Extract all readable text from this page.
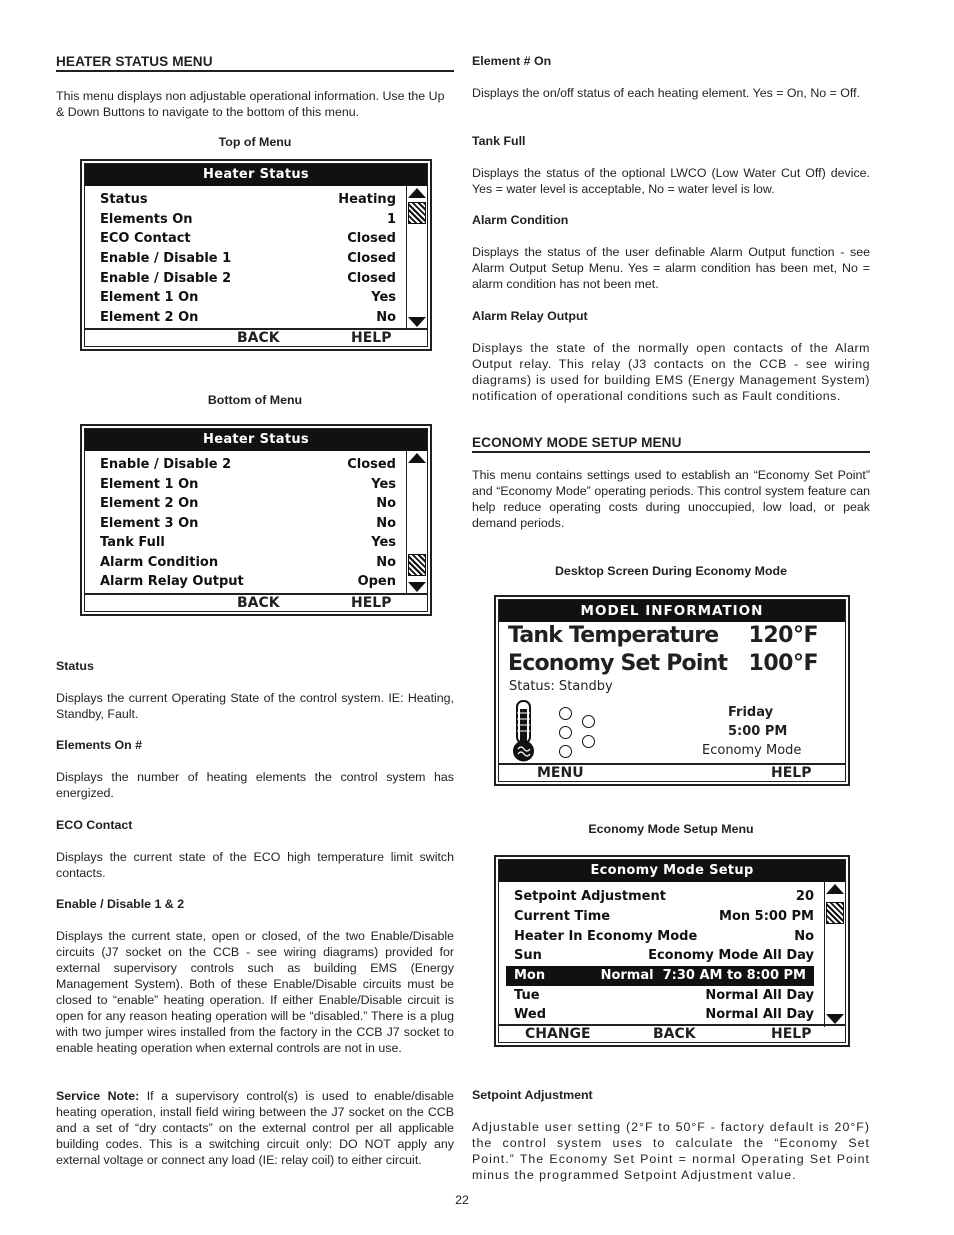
HEATER STATUS MENU
This menu displays non adjustable operational information. Use the Up & Down Buttons to navigate to the bottom of this menu.
Top of Menu
Heater Status
Status	Heating
Elements On	1
ECO Contact	Closed
Enable / Disable 1	Closed
Enable / Disable 2	Closed
Element 1 On	Yes
Element 2 On	No
BACK	HELP
Bottom of Menu
Heater Status
Enable / Disable 2	Closed
Element 1 On	Yes
Element 2 On	No
Element 3 On	No
Tank Full	Yes
Alarm Condition	No
Alarm Relay Output	Open
BACK	HELP
Status
Displays the current Operating State of the control system. IE: Heating, Standby, Fault.
Elements On #
Displays the number of heating elements the control system has energized.
ECO Contact
Displays the current state of the ECO high temperature limit switch contacts.
Enable / Disable 1 & 2
Displays the current state, open or closed, of the two Enable/Disable circuits (J7 socket on the CCB - see wiring diagrams) provided for external supervisory controls such as building EMS (Energy Management System). Both of these Enable/Disable circuits must be closed to “enable” heating operation. If either Enable/Disable circuit is open for any reason heating operation will be “disabled.” There is a plug with two jumper wires installed from the factory in the CCB J7 socket to enable heating operation when external controls are not in use.
Service Note: If a supervisory control(s) is used to enable/disable heating operation, install field wiring between the J7 socket on the CCB and a set of “dry contacts” on the external control per all applicable building codes. This is a switching circuit only: DO NOT apply any external voltage or connect any load (IE: relay coil) to either circuit.
Element # On
Displays the on/off status of each heating element. Yes = On, No = Off.
Tank Full
Displays the status of the optional LWCO (Low Water Cut Off) device. Yes = water level is acceptable, No = water level is low.
Alarm Condition
Displays the status of the user definable Alarm Output function - see Alarm Output Setup Menu. Yes = alarm condition has been met, No = alarm condition has not been met.
Alarm Relay Output
Displays the state of the normally open contacts of the Alarm Output relay. This relay (J3 contacts on the CCB - see wiring diagrams) is used for building EMS (Energy Management System) notification of operational conditions such as Fault conditions.
ECONOMY MODE SETUP MENU
This menu contains settings used to establish an “Economy Set Point” and “Economy Mode” operating periods. This control system feature can help reduce operating costs during unoccupied, low load, or peak demand periods.
Desktop Screen During Economy Mode
MODEL INFORMATION
Tank Temperature 120°F
Economy Set Point 100°F
Status: Standby
Friday
5:00 PM
Economy Mode
MENU	HELP
Economy Mode Setup Menu
Economy Mode Setup
Setpoint Adjustment	20
Current Time	Mon 5:00 PM
Heater In Economy Mode	No
Sun	Economy Mode All Day
Mon	Normal  7:30 AM to 8:00 PM
Tue	Normal All Day
Wed	Normal All Day
CHANGE	BACK	HELP
Setpoint Adjustment
Adjustable user setting (2°F to 50°F - factory default is 20°F) the control system uses to calculate the “Economy Set Point.” The Economy Set Point = normal Operating Set Point minus the programmed Setpoint Adjustment value.
22
